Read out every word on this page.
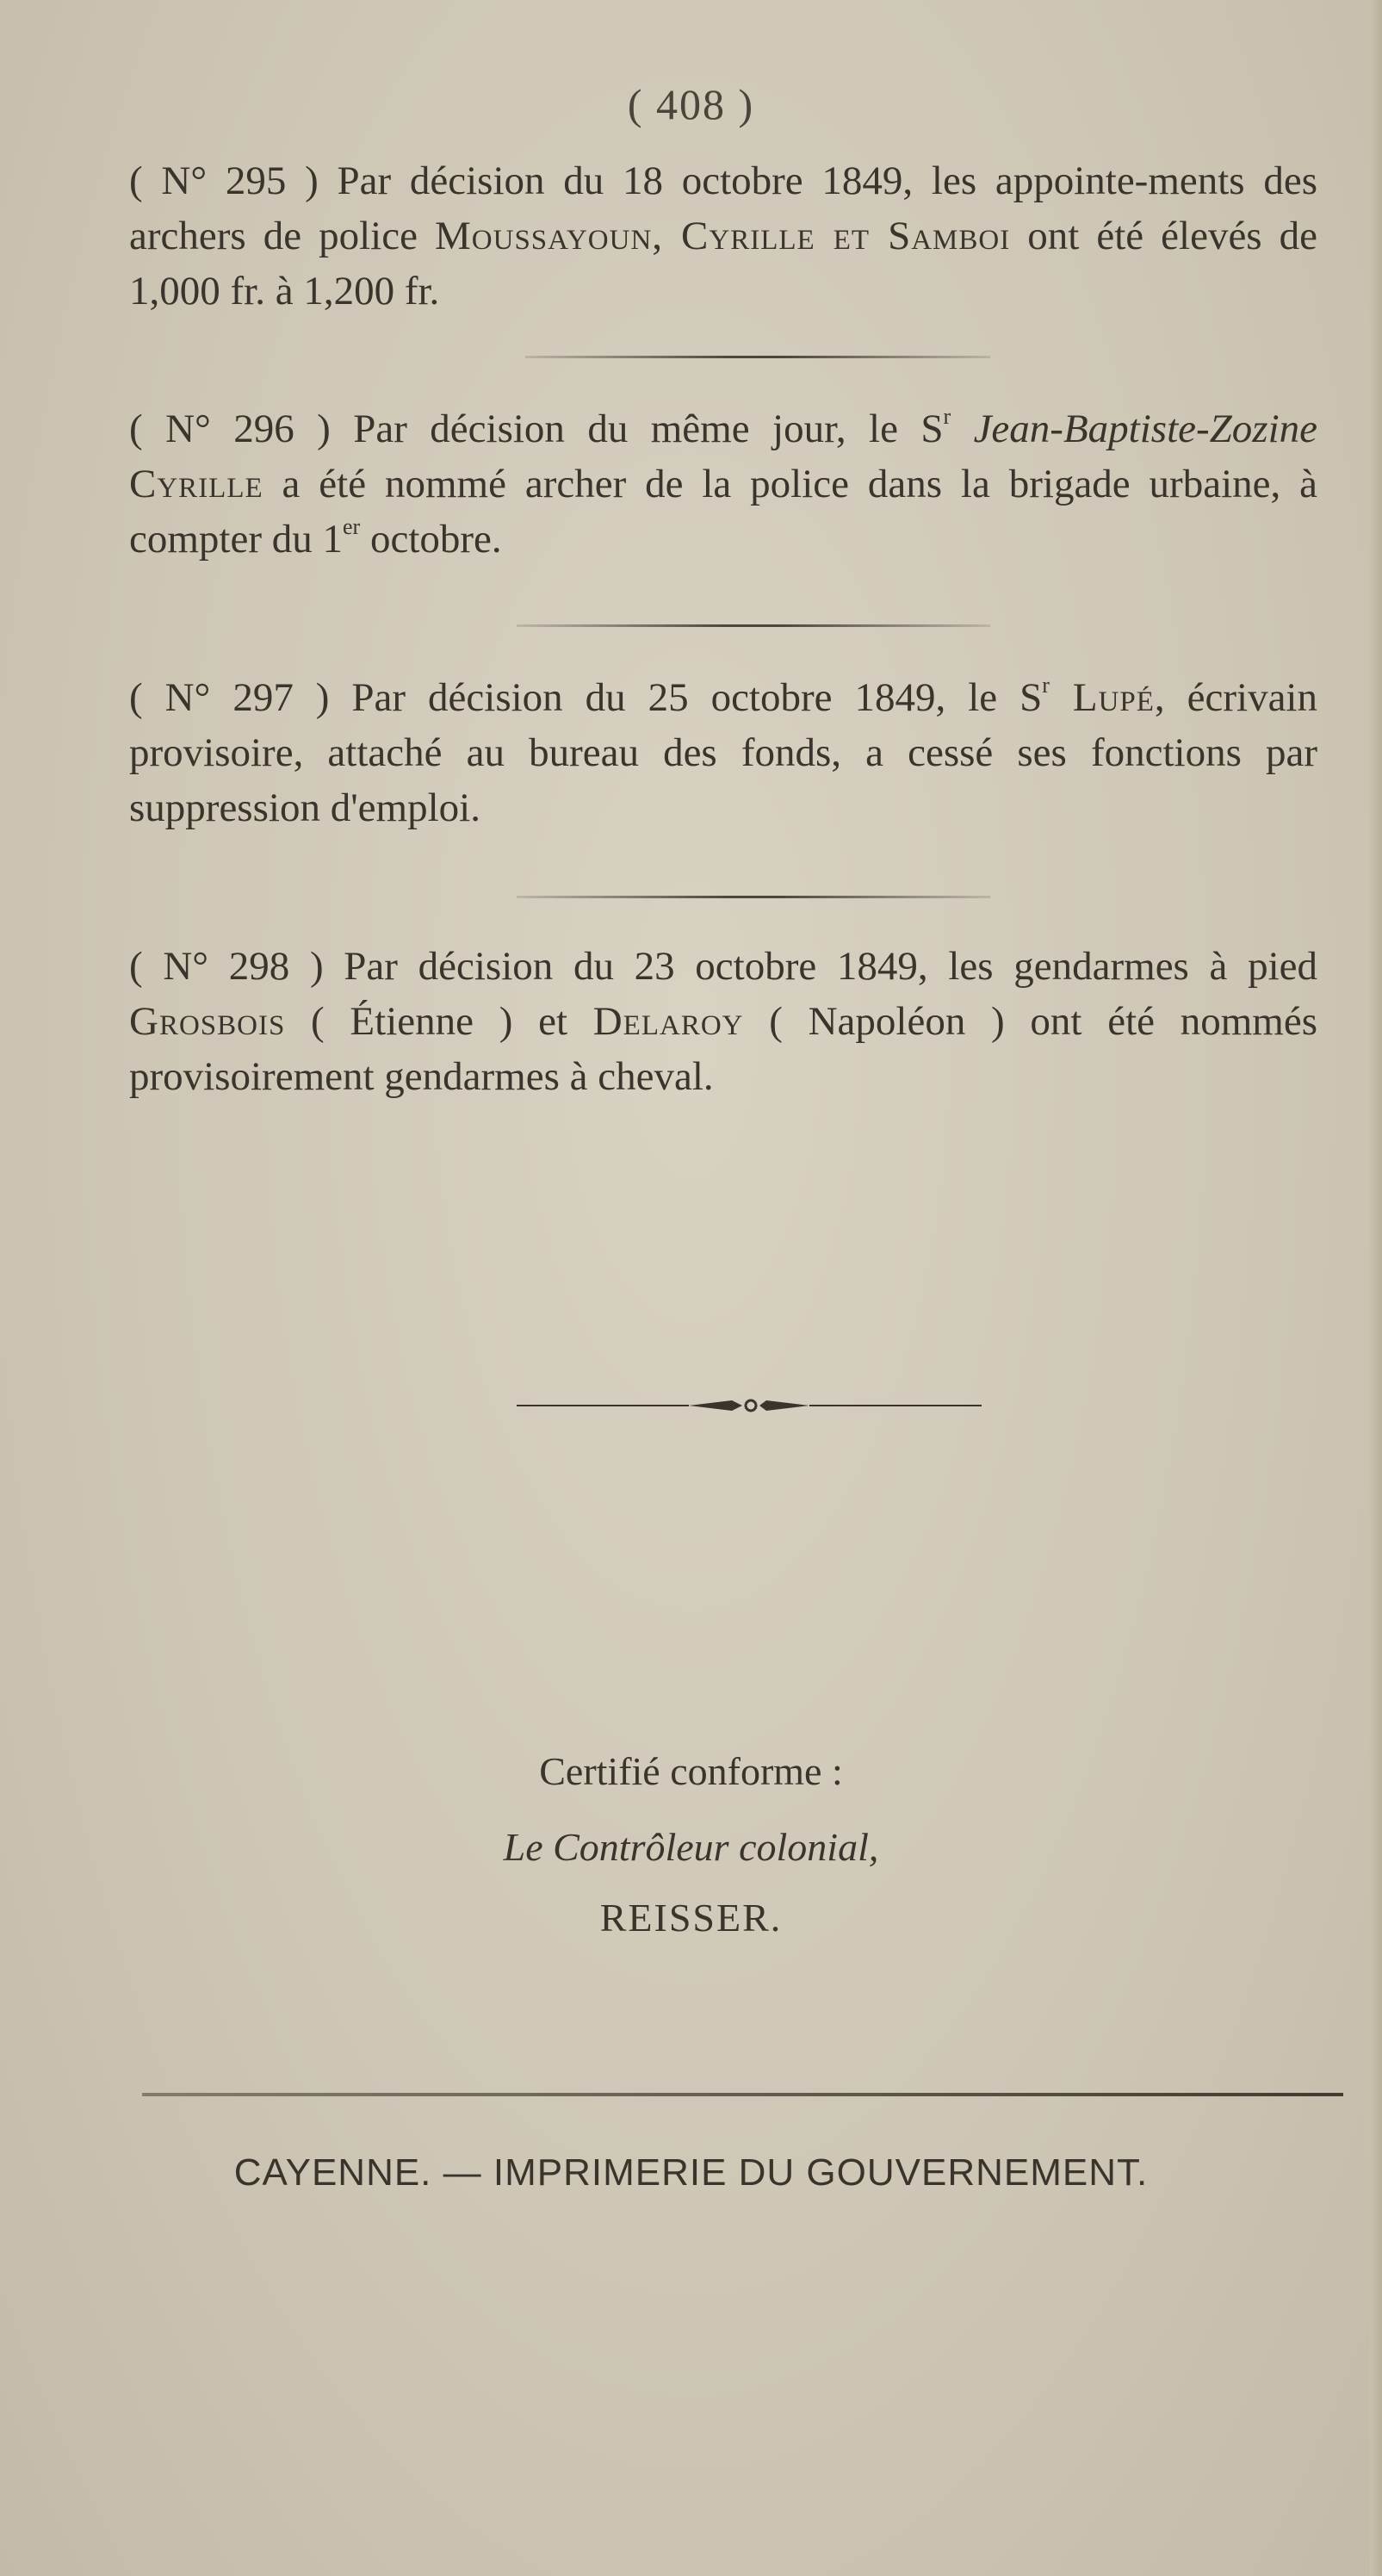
( 408 )

( N° 295 ) Par décision du 18 octobre 1849, les appointe-ments des archers de police Moussayoun, Cyrille et Samboi ont été élevés de 1,000 fr. à 1,200 fr.

( N° 296 ) Par décision du même jour, le $S^r$ Jean-Baptiste-Zozine Cyrille a été nommé archer de la police dans la brigade urbaine, à compter du 1er octobre.

( N° 297 ) Par décision du 25 octobre 1849, le $S^r$ Lupé, écrivain provisoire, attaché au bureau des fonds, a cessé ses fonctions par suppression d'emploi.

( N° 298 ) Par décision du 23 octobre 1849, les gendarmes à pied Grosbois ( Étienne ) et Delaroy ( Napoléon ) ont été nommés provisoirement gendarmes à cheval.

Certifié conforme :
Le Contrôleur colonial,
REISSER.
CAYENNE. — IMPRIMERIE DU GOUVERNEMENT.
